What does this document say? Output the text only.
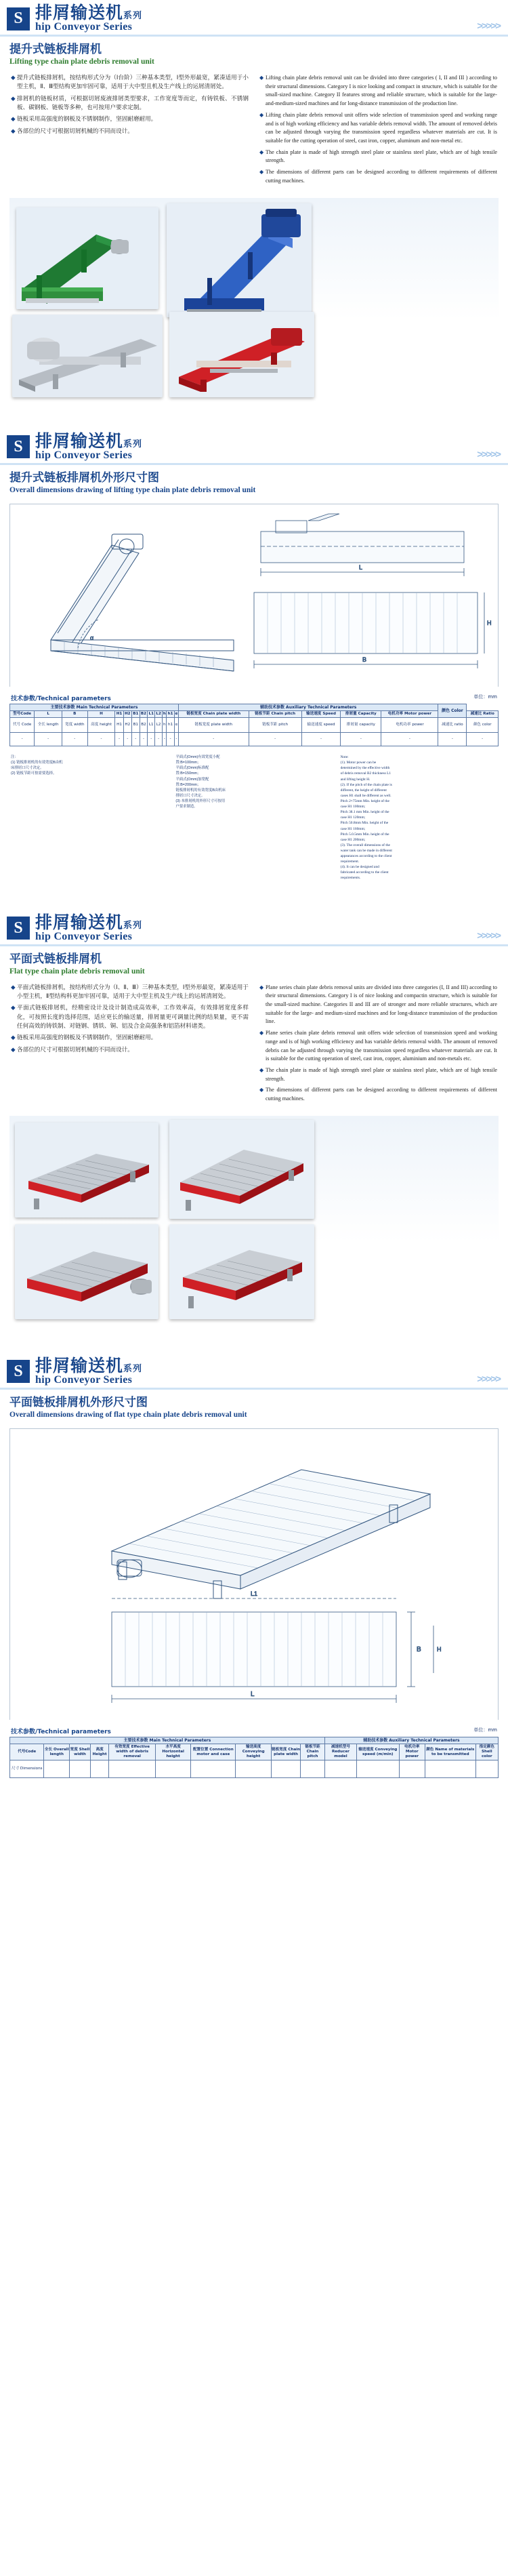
S 排屑输送机系列
hip Conveyor Series	>>>>>
提升式链板排屑机
Lifting type chain plate debris removal unit

◆ 提升式链板排屑机，按结构形式分为（Ⅰ台阶）三种基本类型，Ⅰ型外形最宽，紧凑适用于小型主机，Ⅱ、Ⅲ型结构更加牢固可靠，适用于大中型且机及生产线上的运屑清屑处。

◆ 排屑机的链板材质，可根据切屑废液排屑类型要求，工作宽度等而定，有铸铁板、不锈钢板、碳钢板、链板等多种，也可按用户要求定制。

◆ 链板采用高强度的钢板及不锈钢制作，坚固耐磨耐用。

◆ 各部位的尺寸可根据切屑机械的不同而设计。

◆ Lifting chain plate debris removal unit can be divided into three categories ( I, II and III ) according to their structural dimensions. Category I is nice looking and compact in structure, which is suitable for the small-sized machine. Category II features strong and reliable structure, which is suitable for the large-and-medium-sized machines and for long-distance transmission of the production line.

◆ Lifting chain plate debris removal unit offers wide selection of transmission speed and working range and is of high working efficiency and has variable debris removal width. The amount of removed debris can be adjusted through varying the transmission speed regardless whatever materials are cut. It is suitable for the cutting operation of steel, cast iron, copper, aluminum and non-metal etc.

◆ The chain plate is made of high strength steel plate or stainless steel plate, which are of high tensile strength.

◆ The dimensions of different parts can be designed according to different requirements of different cutting machines.

S 排屑输送机系列
hip Conveyor Series	>>>>>
提升式链板排屑机外形尺寸图
Overall dimensions drawing of lifting type chain plate debris removal unit
L
B
H
α
技术参数/Technical parameters	单位：mm
主要技术参数 Main Technical Parameters													辅助技术参数 Auxiliary Technical Parameters					颜色 Color	
型号Code	L	B	H	H1	H2	B1	B2	L1	L2	h	h1	α	链板宽度 Chain plate width	链板节距 Chain pitch	输送速度 Speed	排屑量 Capacity	电机功率 Motor power		减速比 Ratio
代号 Code	全长 length	宽度 width	高度 height	H1	H2	B1	B2	L1	L2	h	h1	α	链板宽度 plate width	链板节距 pitch	输送速度 speed	排屑量 capacity	电机功率 power	减速比 ratio	颜色 color
-	-	-	-	-	-	-	-	-	-	-	-	-	-	-	-	-	-	-	-
注：
(1) 链板排屑机的有效宽度B由机床排屑口尺寸决定。
(2) 链板节距可按需要选择。
平面式(Omm)有效宽度小配置:B=100mm；
平面式(Omm)标准配置:B=150mm；
平面式(Omm)加宽配置:B=200mm；
链板排屑机的有效宽度B由机床排屑口尺寸决定。
(3) 本排屑机的外形尺寸可按用户要求制造。
Note:
(1). Motor power can be determined by the effective width of debris removal B2 thickness L1 and lifting height H.
(2). If the pitch of the chain plate is different, the height of different cases H1 shall be different as well.
Pitch 2×75mm Min. height of the case H1 100mm;
Pitch 38.1 mm Min. height of the case H1 120mm;
Pitch 50.8mm Min. height of the case H1 160mm;
Pitch 5.0.5mm Min. height of the case H1 200mm;
(3). The overall dimensions of the water tank can be made in different appearances according to the client requirement.
(4). It can be designed and fabricated according to the client requirements.
S 排屑输送机系列
hip Conveyor Series	>>>>>
平面式链板排屑机
Flat type chain plate debris removal unit

◆ 平面式链板排屑机，按结构形式分为（Ⅰ、Ⅱ、Ⅲ）三种基本类型，Ⅰ型外形最宽，紧凑适用于小型主机，Ⅱ型结构科更加牢固可靠，适用于大中型主机及生产线上的运屑清屑处。

◆ 平面式链板排屑机，经精密设计及设计制造成高效率，工作效率高，有效排屑宽度多样化，可按照长度的选择范围，适应更长的输送量，排屑量更可调量比例的结果量，更不需任何高效的铸铁制、对链钢、锈铁、铜、铝及合金高强条和铝箔材料诸类。

◆ 链板采用高强度的钢板及不锈钢制作，坚固耐磨耐用。

◆ 各部位的尺寸可根据切屑机械的不同而设计。

◆ Plane series chain plate debris removal units are divided into three categories (I, II and III) according to their structural dimensions. Category I is of nice looking and compactin structure, which is suitable for the small-sized machine. Categories II and III are of stronger and more reliable structures, which are suitable for the large- and medium-sized machines and for long-distance transmission of the production line.

◆ Plane series chain plate debris removal unit offers wide selection of transmission speed and working range and is of high working efficiency and has variable debris removal width. The amount of removed debris can be adjusted through varying the transmission speed regardless whatever materials are cut. It is suitable for the cutting operation of steel, cast iron, copper, aluminium and non-metals etc.

◆ The chain plate is made of high strength steel plate or stainless steel plate, which are of high tensile strength.

◆ The dimensions of different parts can be designed according to different requirements of different cutting machines.

S 排屑输送机系列
hip Conveyor Series	>>>>>
平面链板排屑机外形尺寸图
Overall dimensions drawing of flat type chain plate debris removal unit
L
B
L1
H
技术参数/Technical parameters	单位：mm
主要技术参数 Main Technical Parameters										辅助技术参数 Auxiliary Technical Parameters				
代号Code	全长 Overall length	宽度 Shell width	高度 Height	有效宽度 Effective width of debris removal	水平高度 Horizontal height	配置位置 Connection motor and case	输送高度 Conveying height	链板宽度 Chain plate width	链板节距 Chain pitch	减速机型号 Reducer model	输送速度 Conveying speed (m/min)	电机功率 Motor power	颜色 Name of materials to be transmitted	指定颜色 Shell color
尺寸 Dimensions														
